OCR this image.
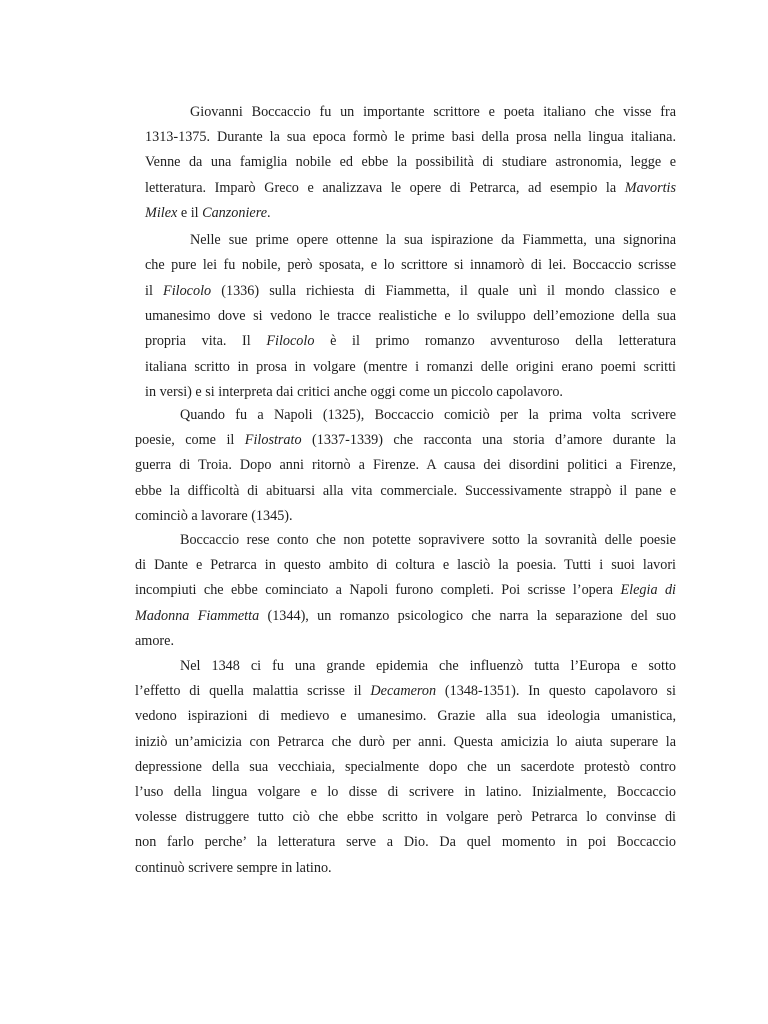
Giovanni Boccaccio fu un importante scrittore e poeta italiano che visse fra
1313-1375. Durante la sua epoca formò le prime basi della prosa nella lingua italiana.
Venne da una famiglia nobile ed ebbe la possibilità di studiare astronomia, legge e
letteratura. Imparò Greco e analizzava le opere di Petrarca, ad esempio la Mavortis
Milex e il Canzoniere.
Nelle sue prime opere ottenne la sua ispirazione da Fiammetta, una signorina
che pure lei fu nobile, però sposata, e lo scrittore si innamorò di lei. Boccaccio scrisse
il Filocolo (1336) sulla richiesta di Fiammetta, il quale unì il mondo classico e
umanesimo dove si vedono le tracce realistiche e lo sviluppo dell’emozione della sua
propria vita. Il Filocolo è il primo romanzo avventuroso della letteratura
italiana scritto in prosa in volgare (mentre i romanzi delle origini erano poemi scritti
in versi) e si interpreta dai critici anche oggi come un piccolo capolavoro.
Quando fu a Napoli (1325), Boccaccio comiciò per la prima volta scrivere
poesie, come il Filostrato (1337-1339) che racconta una storia d’amore durante la
guerra di Troia. Dopo anni ritornò a Firenze. A causa dei disordini politici a Firenze,
ebbe la difficoltà di abituarsi alla vita commerciale. Successivamente strappò il pane e
cominciò a lavorare (1345).
Boccaccio rese conto che non potette sopravivere sotto la sovranità delle poesie
di Dante e Petrarca in questo ambito di coltura e lasciò la poesia. Tutti i suoi lavori
incompiuti che ebbe cominciato a Napoli furono completi. Poi scrisse l’opera Elegia di
Madonna Fiammetta (1344), un romanzo psicologico che narra la separazione del suo
amore.
Nel 1348 ci fu una grande epidemia che influenzò tutta l’Europa e sotto
l’effetto di quella malattia scrisse il Decameron (1348-1351). In questo capolavoro si
vedono ispirazioni di medievo e umanesimo. Grazie alla sua ideologia umanistica,
iniziò un’amicizia con Petrarca che durò per anni. Questa amicizia lo aiuta superare la
depressione della sua vecchiaia, specialmente dopo che un sacerdote protestò contro
l’uso della lingua volgare e lo disse di scrivere in latino. Inizialmente, Boccaccio
volesse distruggere tutto ciò che ebbe scritto in volgare però Petrarca lo convinse di
non farlo perche’ la letteratura serve a Dio. Da quel momento in poi Boccaccio
continuò scrivere sempre in latino.
